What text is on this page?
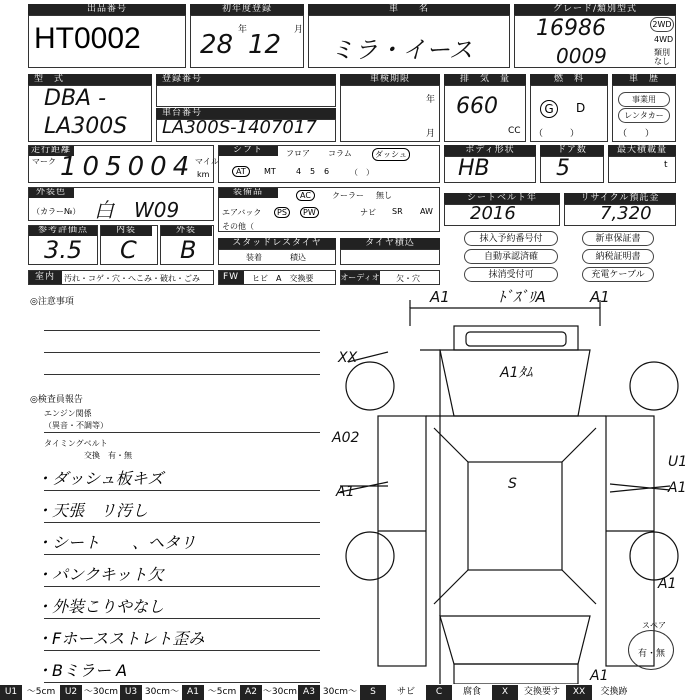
出品番号
HT0002
初年度登録
28 年 12 月
車　　名
ミラ・イース
グレード/類別型式
16986
0009
2WD
4WD
類別なし
型　式
DBA -
LA300S
登録番号
車台番号
LA300S-1407017
車検期限
年
月
排　気　量
660
CC
燃　料
G	D
（　　　）
車　歴
事業用
レンタカー
（　　）
走行距離
マーク 105004 マイル
km
シフト	フロア コラム	ダッシュ
AT	MT	4 5 6	（　）
ボディ形状
HB
ドア数
5
最大積載量
t
外装色
（カラー№） 白　W09
装備品	AC	クーラー 無し
エアバック	PS	PW	ナビ SR AW
その他（
シートベルト年
2016
リサイクル預託金
7,320
参考評価点
3.5
内装
C
外装
B	スタッドレスタイヤ
装着	積込
タイヤ積込	抹入予約番号付	新車保証書
自動承認済確	納税証明書
抹消受付可	充電ケーブル
室内	汚れ・コゲ・穴・へこみ・破れ・ごみ	FW	ヒビ　A　交換要	オーディオ 欠・穴
◎注意事項
◎検査員報告
エンジン関係
（異音・不調等）
タイミングベルト
交換　有・無
・ダッシュ板キズ
・天張　リ汚し
・シート　　、ヘタリ
・パンクキット欠
・外装こりやなし
・Fホースストレト歪み
・Bミラー A
A1	ﾄﾞｽﾞﾘA	A1
A1ﾀﾑ
XX
A02
A1
U1
A1
A1
S
A1
スペア
有・無
U1	～5cm	U2 ～30cm U3 30cm～ A1 ～5cm A2 ～30cm A3 30cm～	S	サビ	C	腐食	X	交換要す	XX	交換跡
